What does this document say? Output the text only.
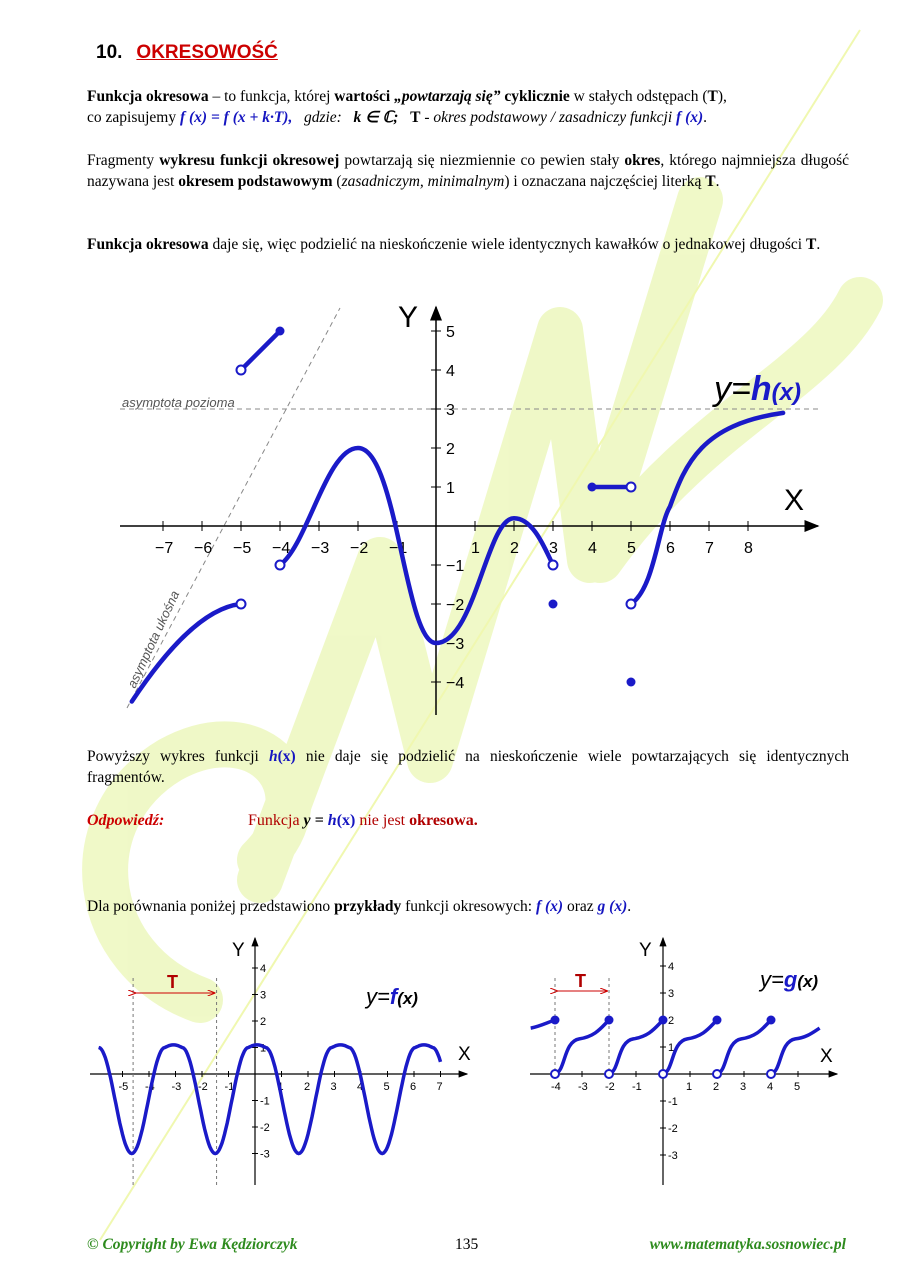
10. OKRESOWOŚĆ
Funkcja okresowa – to funkcja, której wartości „powtarzają się” cyklicznie w stałych odstępach (T),
co zapisujemy f (x) = f (x + k·T), gdzie: k ∈ ℂ; T - okres podstawowy / zasadniczy funkcji f (x).
Fragmenty wykresu funkcji okresowej powtarzają się niezmiennie co pewien stały okres, którego najmniejsza długość nazywana jest okresem podstawowym (zasadniczym, minimalnym) i oznaczana najczęściej literką T.
Funkcja okresowa daje się, więc podzielić na nieskończenie wiele identycznych kawałków o jednakowej długości T.
−7 −6 −5 −4 −3 −2 −1	1 2 3 4 5 6 7 8
5
4
3
2
1
−1
−2
−3
−4
Y
X
asymptota pozioma
asymptota ukośna
y=h(x)
Powyższy wykres funkcji h(x) nie daje się podzielić na nieskończenie wiele powtarzających się identycznych fragmentów.
Odpowiedź:	Funkcja y = h(x) nie jest okresowa.
Dla porównania poniżej przedstawiono przykłady funkcji okresowych: f (x) oraz g (x).
-5 -4 -3 -2 -1	1 2 3 4 5 6 7
4
3
2
1
-1
-2
-3
Y
X
T
y=f(x)
-4 -3 -2 -1	1 2 3 4 5
4
3
2
1
-1
-2
-3
Y
X
T	y=g(x)
© Copyright by Ewa Kędziorczyk	135	www.matematyka.sosnowiec.pl
